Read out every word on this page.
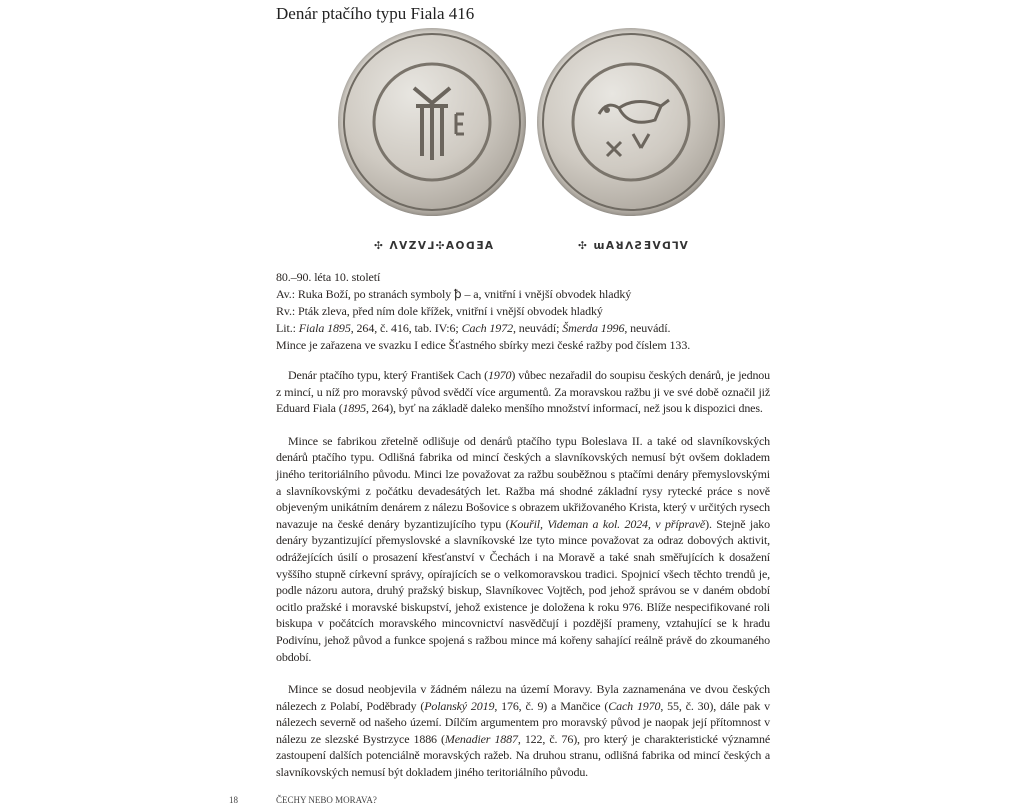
Denár ptačího typu Fiala 416
✣ ΛVZV⅃✣AOᗡƎA	✣ ɯAꓤꓥƧƎVᗡꓶV
80.–90. léta 10. století
Av.: Ruka Boží, po stranách symboly ꝥ – a, vnitřní i vnější obvodek hladký
Rv.: Pták zleva, před ním dole křížek, vnitřní i vnější obvodek hladký
Lit.: Fiala 1895, 264, č. 416, tab. IV:6; Cach 1972, neuvádí; Šmerda 1996, neuvádí.
Mince je zařazena ve svazku I edice Šťastného sbírky mezi české ražby pod číslem 133.
Denár ptačího typu, který František Cach (1970) vůbec nezařadil do soupisu českých denárů, je jednou z mincí, u níž pro moravský původ svědčí více argumentů. Za moravskou ražbu ji ve své době označil již Eduard Fiala (1895, 264), byť na základě daleko menšího množství informací, než jsou k dispozici dnes.
Mince se fabrikou zřetelně odlišuje od denárů ptačího typu Boleslava II. a také od slavníkovských denárů ptačího typu. Odlišná fabrika od mincí českých a slavníkovských nemusí být ovšem dokladem jiného teritoriálního původu. Minci lze považovat za ražbu souběžnou s ptačími denáry přemyslovskými a slavníkovskými z počátku devadesátých let. Ražba má shodné základní rysy rytecké práce s nově objeveným unikátním denárem z nálezu Bošovice s obrazem ukřižovaného Krista, který v určitých rysech navazuje na české denáry byzantizujícího typu (Kouřil, Videman a kol. 2024, v přípravě). Stejně jako denáry byzantizující přemyslovské a slavníkovské lze tyto mince považovat za odraz dobových aktivit, odrážejících úsilí o prosazení křesťanství v Čechách i na Moravě a také snah směřujících k dosažení vyššího stupně církevní správy, opírajících se o velkomoravskou tradici. Spojnicí všech těchto trendů je, podle názoru autora, druhý pražský biskup, Slavníkovec Vojtěch, pod jehož správou se v daném období ocitlo pražské i moravské biskupství, jehož existence je doložena k roku 976. Blíže nespecifikované roli biskupa v počátcích moravského mincovnictví nasvědčují i pozdější prameny, vztahující se k hradu Podivínu, jehož původ a funkce spojená s ražbou mince má kořeny sahající reálně právě do zkoumaného období.
Mince se dosud neobjevila v žádném nálezu na území Moravy. Byla zaznamenána ve dvou českých nálezech z Polabí, Poděbrady (Polanský 2019, 176, č. 9) a Mančice (Cach 1970, 55, č. 30), dále pak v nálezech severně od našeho území. Dílčím argumentem pro moravský původ je naopak její přítomnost v nálezu ze slezské Bystrzyce 1886 (Menadier 1887, 122, č. 76), pro který je charakteristické významné zastoupení dalších potenciálně moravských ražeb. Na druhou stranu, odlišná fabrika od mincí českých a slavníkovských nemusí být dokladem jiného teritoriálního původu.
18	ČECHY NEBO MORAVA?
